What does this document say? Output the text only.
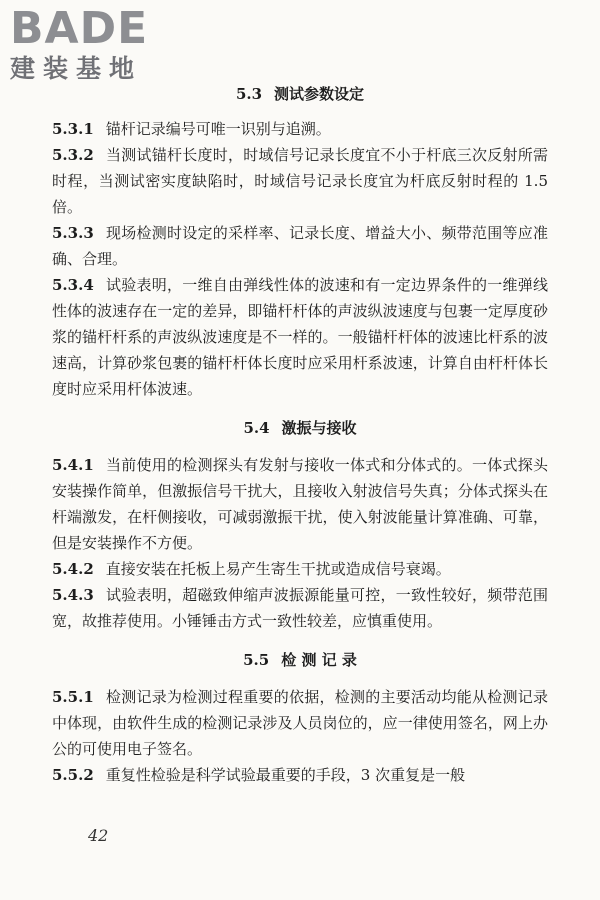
BADE
建装基地
5.3 测试参数设定

5.3.1 锚杆记录编号可唯一识别与追溯。

5.3.2 当测试锚杆长度时，时域信号记录长度宜不小于杆底三次反射所需时程，当测试密实度缺陷时，时域信号记录长度宜为杆底反射时程的 1.5 倍。

5.3.3 现场检测时设定的采样率、记录长度、增益大小、频带范围等应准确、合理。

5.3.4 试验表明，一维自由弹线性体的波速和有一定边界条件的一维弹线性体的波速存在一定的差异，即锚杆杆体的声波纵波速度与包裹一定厚度砂浆的锚杆杆系的声波纵波速度是不一样的。一般锚杆杆体的波速比杆系的波速高，计算砂浆包裹的锚杆杆体长度时应采用杆系波速，计算自由杆杆体长度时应采用杆体波速。

5.4 激振与接收

5.4.1 当前使用的检测探头有发射与接收一体式和分体式的。一体式探头安装操作简单，但激振信号干扰大，且接收入射波信号失真；分体式探头在杆端激发，在杆侧接收，可减弱激振干扰，使入射波能量计算准确、可靠，但是安装操作不方便。

5.4.2 直接安装在托板上易产生寄生干扰或造成信号衰竭。

5.4.3 试验表明，超磁致伸缩声波振源能量可控，一致性较好，频带范围宽，故推荐使用。小锤锤击方式一致性较差，应慎重使用。

5.5 检 测 记 录

5.5.1 检测记录为检测过程重要的依据，检测的主要活动均能从检测记录中体现，由软件生成的检测记录涉及人员岗位的，应一律使用签名，网上办公的可使用电子签名。

5.5.2 重复性检验是科学试验最重要的手段，3 次重复是一般

42
